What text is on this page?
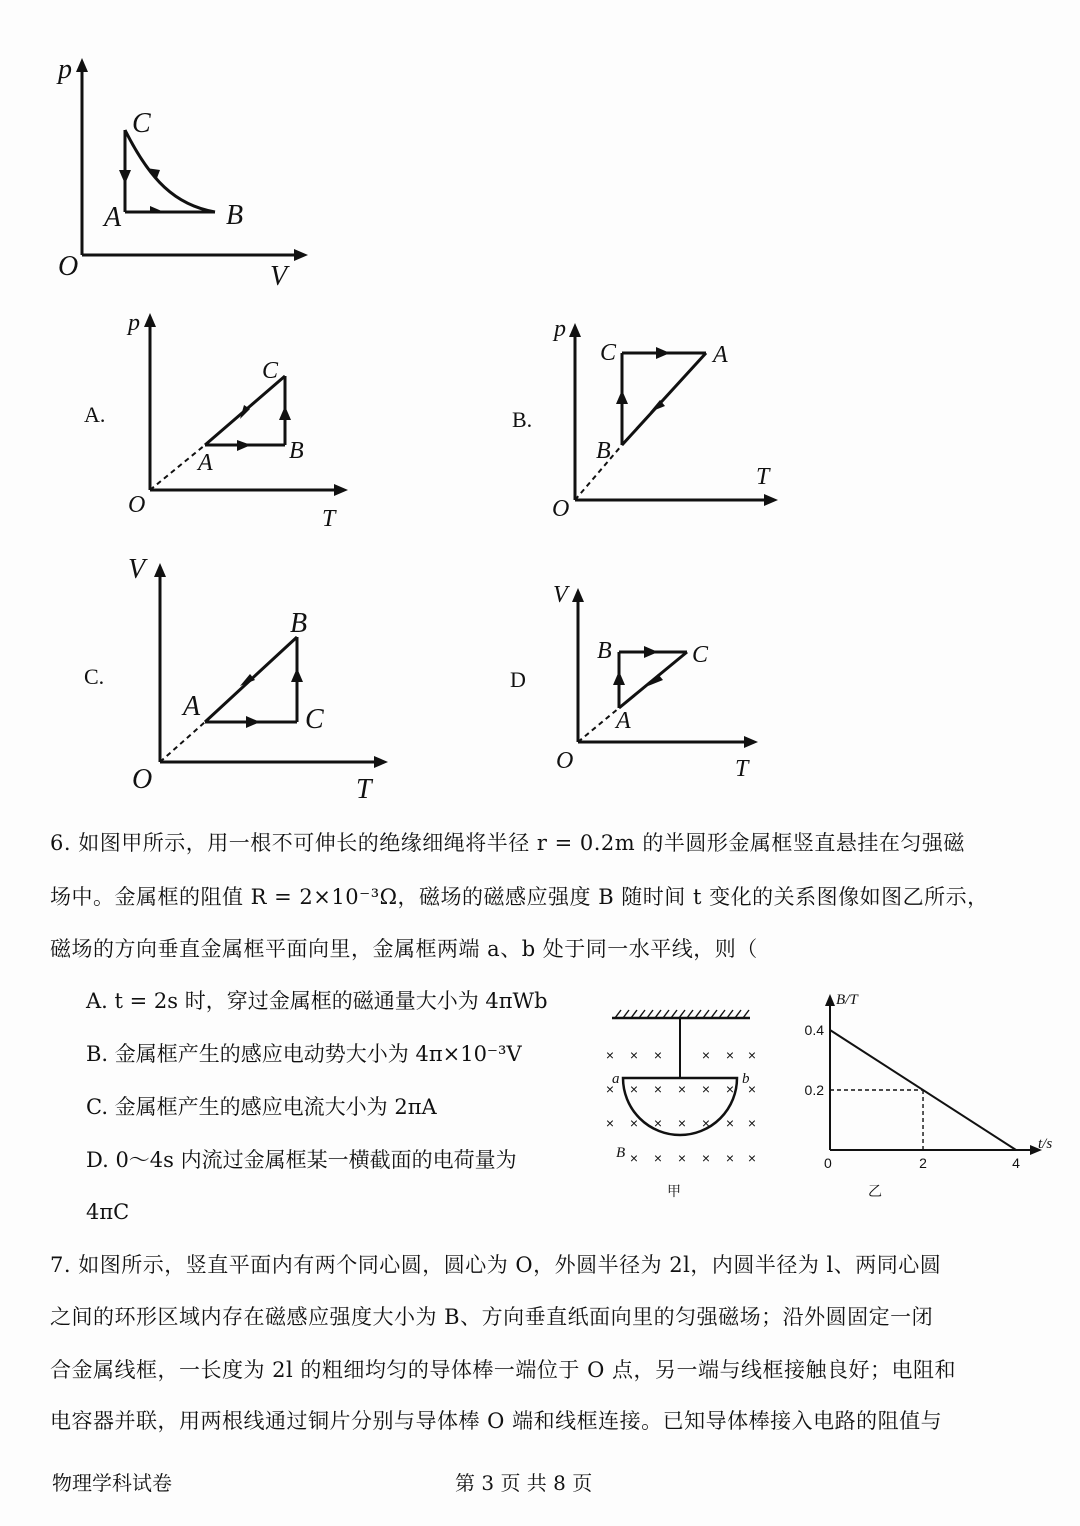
p
V
O
C
A	B
A.
p
T
O
C
A	B
B.
p
T
O
C	A
B
C.
V
T
O
B
A	C
D
V
T
O
B	C
A
6. 如图甲所示，用一根不可伸长的绝缘细绳将半径 r = 0.2m 的半圆形金属框竖直悬挂在匀强磁
场中。金属框的阻值 R = 2×10⁻³Ω，磁场的磁感应强度 B 随时间 t 变化的关系图像如图乙所示，
磁场的方向垂直金属框平面向里，金属框两端 a、b 处于同一水平线，则（
A. t = 2s 时，穿过金属框的磁通量大小为 4πWb
B. 金属框产生的感应电动势大小为 4π×10⁻³V
C. 金属框产生的感应电流大小为 2πA
D. 0～4s 内流过金属框某一横截面的电荷量为
4πC
× × ×	× × ×
× × × × × × ×
× × × × × × ×
× × × × × ×
a	b
B
甲	乙
0	2	4
0.2
0.4
B/T
t/s
7. 如图所示，竖直平面内有两个同心圆，圆心为 O，外圆半径为 2l，内圆半径为 l、两同心圆
之间的环形区域内存在磁感应强度大小为 B、方向垂直纸面向里的匀强磁场；沿外圆固定一闭
合金属线框，一长度为 2l 的粗细均匀的导体棒一端位于 O 点，另一端与线框接触良好；电阻和
电容器并联，用两根线通过铜片分别与导体棒 O 端和线框连接。已知导体棒接入电路的阻值与
物理学科试卷	第 3 页 共 8 页
